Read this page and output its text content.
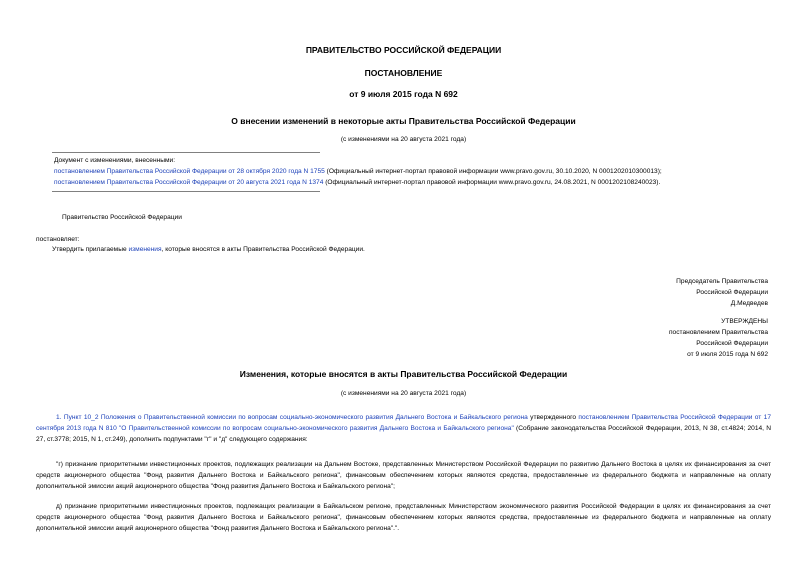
ПРАВИТЕЛЬСТВО РОССИЙСКОЙ ФЕДЕРАЦИИ
ПОСТАНОВЛЕНИЕ
от 9 июля 2015 года N 692
О внесении изменений в некоторые акты Правительства Российской Федерации
(с изменениями на 20 августа 2021 года)
Документ с изменениями, внесенными:
постановлением Правительства Российской Федерации от 28 октября 2020 года N 1755 (Официальный интернет-портал правовой информации www.pravo.gov.ru, 30.10.2020, N 0001202010300013);
постановлением Правительства Российской Федерации от 20 августа 2021 года N 1374 (Официальный интернет-портал правовой информации www.pravo.gov.ru, 24.08.2021, N 0001202108240023).
Правительство Российской Федерации
постановляет:
Утвердить прилагаемые изменения, которые вносятся в акты Правительства Российской Федерации.
Председатель Правительства
Российской Федерации
Д.Медведев
УТВЕРЖДЕНЫ
постановлением Правительства
Российской Федерации
от 9 июля 2015 года N 692
Изменения, которые вносятся в акты Правительства Российской Федерации
(с изменениями на 20 августа 2021 года)
1. Пункт 10_2 Положения о Правительственной комиссии по вопросам социально-экономического развития Дальнего Востока и Байкальского региона утвержденного постановлением Правительства Российской Федерации от 17 сентября 2013 года N 810 "О Правительственной комиссии по вопросам социально-экономического развития Дальнего Востока и Байкальского региона" (Собрание законодательства Российской Федерации, 2013, N 38, ст.4824; 2014, N 27, ст.3778; 2015, N 1, ст.249), дополнить подпунктами "г" и "д" следующего содержания:
"г) признание приоритетными инвестиционных проектов, подлежащих реализации на Дальнем Востоке, представленных Министерством Российской Федерации по развитию Дальнего Востока в целях их финансирования за счет средств акционерного общества "Фонд развития Дальнего Востока и Байкальского региона", финансовым обеспечением которых являются средства, предоставленные из федерального бюджета и направленные на оплату дополнительной эмиссии акций акционерного общества "Фонд развития Дальнего Востока и Байкальского региона";
д) признание приоритетными инвестиционных проектов, подлежащих реализации в Байкальском регионе, представленных Министерством экономического развития Российской Федерации в целях их финансирования за счет средств акционерного общества "Фонд развития Дальнего Востока и Байкальского региона", финансовым обеспечением которых являются средства, предоставленные из федерального бюджета и направленные на оплату дополнительной эмиссии акций акционерного общества "Фонд развития Дальнего Востока и Байкальского региона".".
